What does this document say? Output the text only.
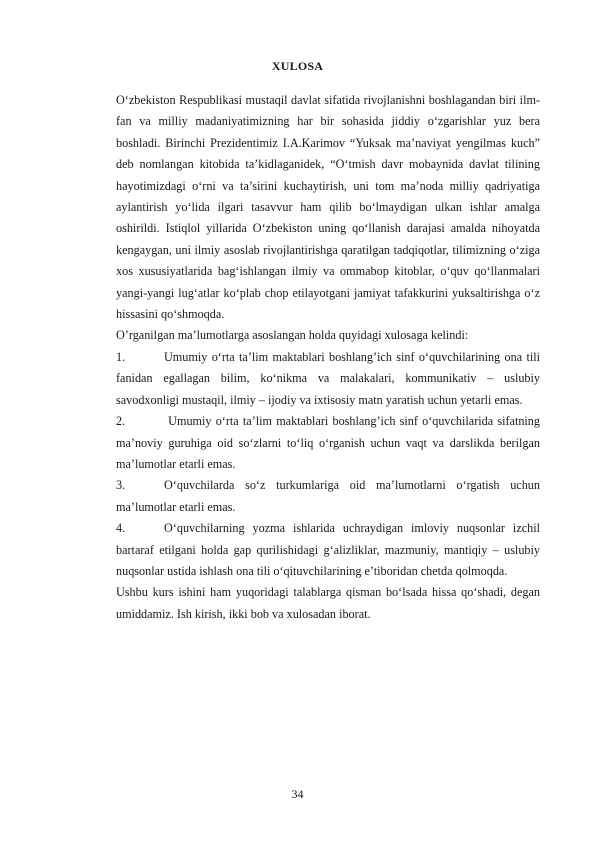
XULOSA

O‘zbekiston Respublikasi mustaqil davlat sifatida rivojlanishni boshlagandan biri ilm-fan va milliy madaniyatimizning har bir sohasida jiddiy o‘zgarishlar yuz bera boshladi. Birinchi Prezidentimiz I.A.Karimov “Yuksak ma’naviyat yengilmas kuch” deb nomlangan kitobida ta’kidlaganidek, “O‘tmish davr mobaynida davlat tilining hayotimizdagi o‘rni va ta’sirini kuchaytirish, uni tom ma’noda milliy qadriyatiga aylantirish yo‘lida ilgari tasavvur ham qilib bo‘lmaydigan ulkan ishlar amalga oshirildi. Istiqlol yillarida O‘zbekiston uning qo‘llanish darajasi amalda nihoyatda kengaygan, uni ilmiy asoslab rivojlantirishga qaratilgan tadqiqotlar, tilimizning o‘ziga xos xususiyatlarida bag‘ishlangan ilmiy va ommabop kitoblar, o‘quv qo‘llanmalari yangi-yangi lug‘atlar ko‘plab chop etilayotgani jamiyat tafakkurini yuksaltirishga o‘z hissasini qo‘shmoqda.

O’rganilgan ma’lumotlarga asoslangan holda quyidagi xulosaga kelindi:

1.	Umumiy o‘rta ta’lim maktablari boshlang’ich sinf o‘quvchilarining ona tili fanidan egallagan bilim, ko‘nikma va malakalari, kommunikativ – uslubiy savodxonligi mustaqil, ilmiy – ijodiy va ixtisosiy matn yaratish uchun yetarli emas.

2.	Umumiy o‘rta ta’lim maktablari boshlang’ich sinf o‘quvchilarida sifatning ma’noviy guruhiga oid so‘zlarni to‘liq o‘rganish uchun vaqt va darslikda berilgan ma’lumotlar etarli emas.

3.	O‘quvchilarda so‘z turkumlariga oid ma’lumotlarni o‘rgatish uchun ma’lumotlar etarli emas.

4.	O‘quvchilarning yozma ishlarida uchraydigan imloviy nuqsonlar izchil bartaraf etilgani holda gap qurilishidagi g‘alizliklar, mazmuniy, mantiqiy – uslubiy nuqsonlar ustida ishlash ona tili o‘qituvchilarining e’tiboridan chetda qolmoqda.

Ushbu kurs ishini ham yuqoridagi talablarga qisman bo‘lsada hissa qo‘shadi, degan umiddamiz. Ish kirish, ikki bob va xulosadan iborat.

34
